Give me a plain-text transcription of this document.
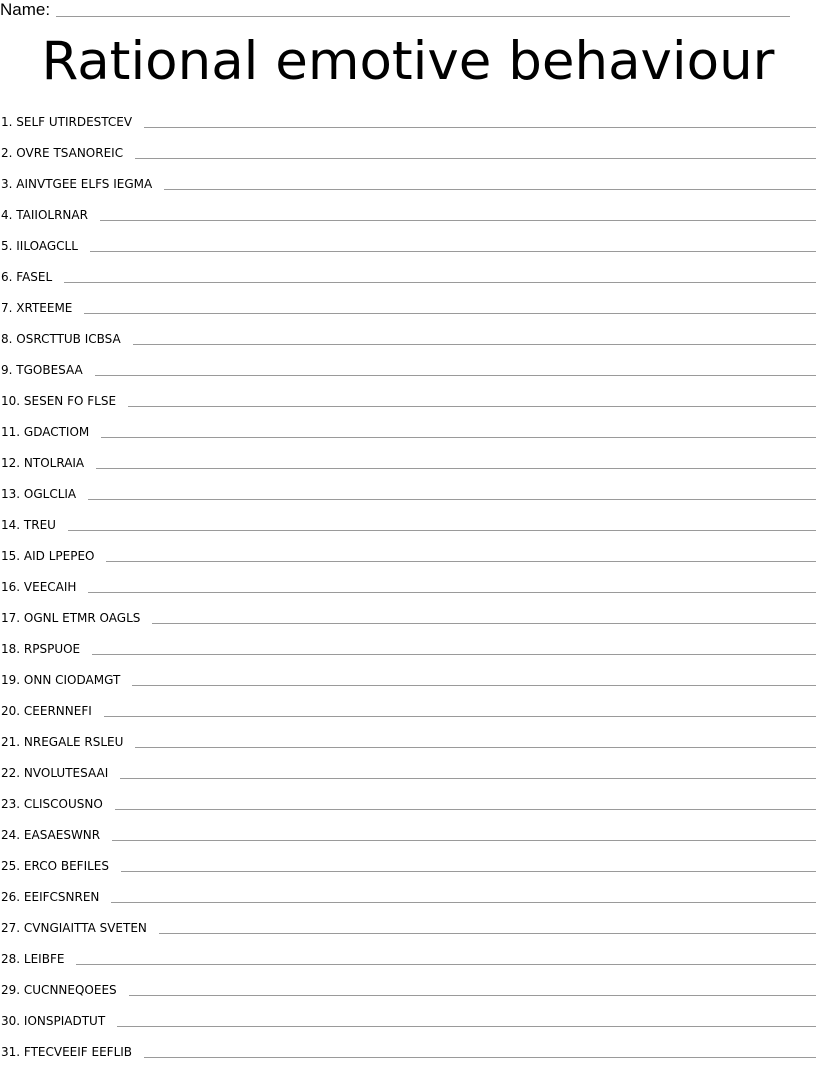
Name:
Rational emotive behaviour
1. SELF UTIRDESTCEV
2. OVRE TSANOREIC
3. AINVTGEE ELFS IEGMA
4. TAIIOLRNAR
5. IILOAGCLL
6. FASEL
7. XRTEEME
8. OSRCTTUB ICBSA
9. TGOBESAA
10. SESEN FO FLSE
11. GDACTIOM
12. NTOLRAIA
13. OGLCLIA
14. TREU
15. AID LPEPEO
16. VEECAIH
17. OGNL ETMR OAGLS
18. RPSPUOE
19. ONN CIODAMGT
20. CEERNNEFI
21. NREGALE RSLEU
22. NVOLUTESAAI
23. CLISCOUSNO
24. EASAESWNR
25. ERCO BEFILES
26. EEIFCSNREN
27. CVNGIAITTA SVETEN
28. LEIBFE
29. CUCNNEQOEES
30. IONSPIADTUT
31. FTECVEEIF EEFLIB
